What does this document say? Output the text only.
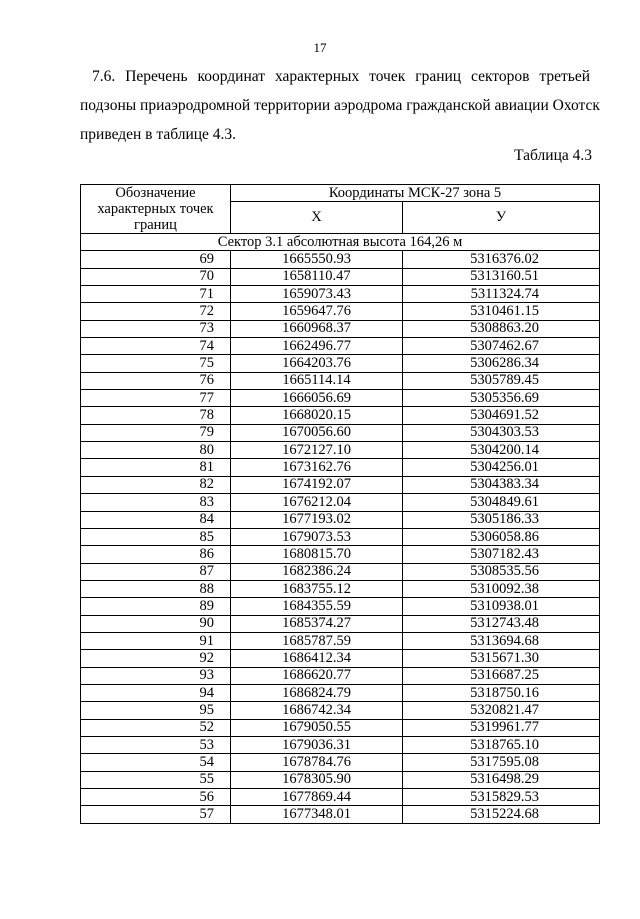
17
7.6. Перечень координат характерных точек границ секторов третьей
подзоны приаэродромной территории аэродрома гражданской авиации Охотск
приведен в таблице 4.3.
Таблица 4.3
Обозначение характерных точек границ	Координаты МСК-27 зона 5	
	X	У

Сектор 3.1 абсолютная высота 164,26 м		
69	1665550.93	5316376.02
70	1658110.47	5313160.51
71	1659073.43	5311324.74
72	1659647.76	5310461.15
73	1660968.37	5308863.20
74	1662496.77	5307462.67
75	1664203.76	5306286.34
76	1665114.14	5305789.45
77	1666056.69	5305356.69
78	1668020.15	5304691.52
79	1670056.60	5304303.53
80	1672127.10	5304200.14
81	1673162.76	5304256.01
82	1674192.07	5304383.34
83	1676212.04	5304849.61
84	1677193.02	5305186.33
85	1679073.53	5306058.86
86	1680815.70	5307182.43
87	1682386.24	5308535.56
88	1683755.12	5310092.38
89	1684355.59	5310938.01
90	1685374.27	5312743.48
91	1685787.59	5313694.68
92	1686412.34	5315671.30
93	1686620.77	5316687.25
94	1686824.79	5318750.16
95	1686742.34	5320821.47
52	1679050.55	5319961.77
53	1679036.31	5318765.10
54	1678784.76	5317595.08
55	1678305.90	5316498.29
56	1677869.44	5315829.53
57	1677348.01	5315224.68
